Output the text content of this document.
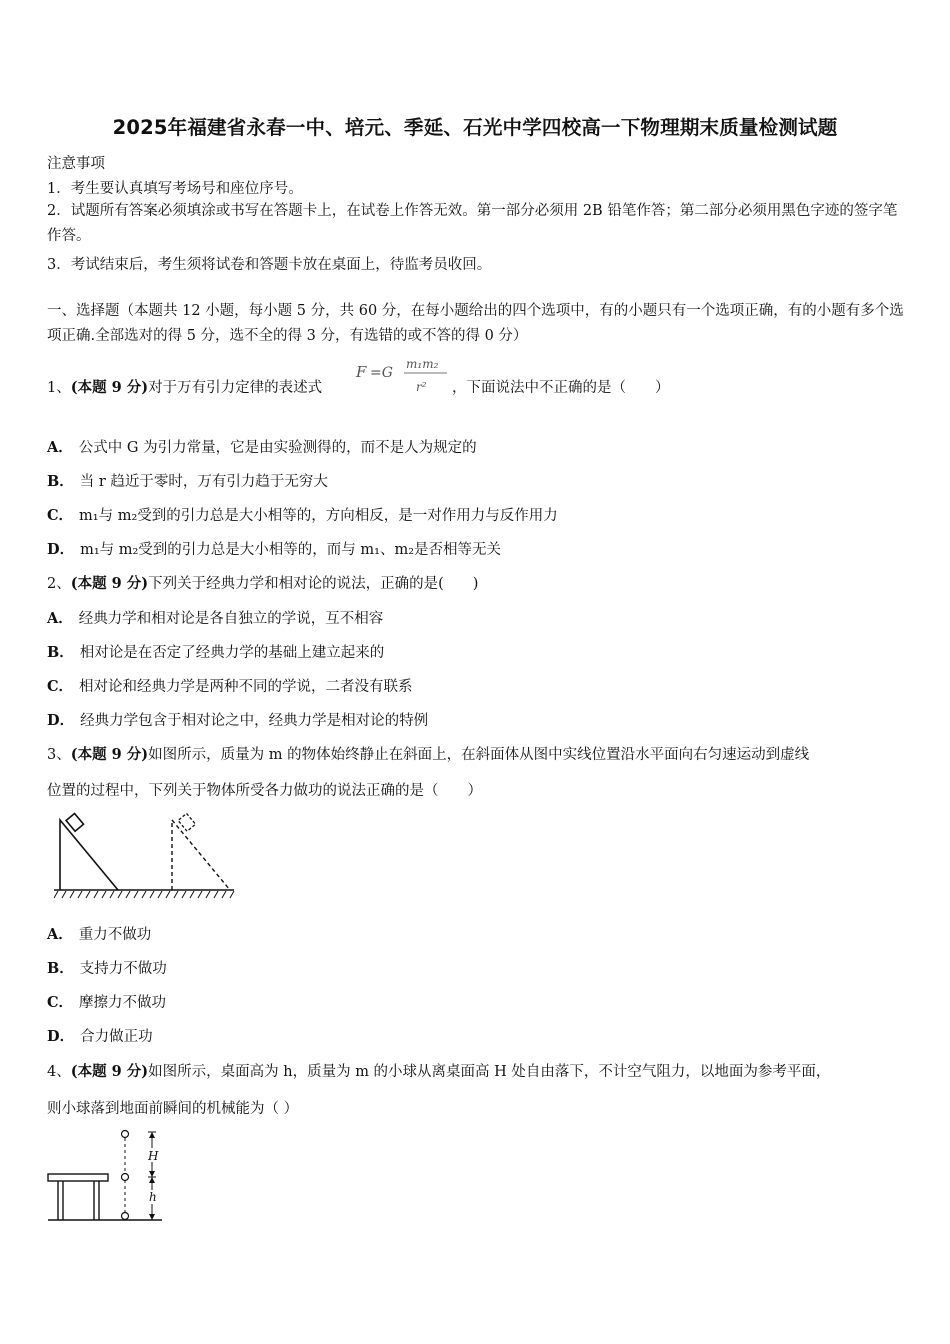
2025年福建省永春一中、培元、季延、石光中学四校高一下物理期末质量检测试题
注意事项
1．考生要认真填写考场号和座位序号。
2．试题所有答案必须填涂或书写在答题卡上，在试卷上作答无效。第一部分必须用 2B 铅笔作答；第二部分必须用黑色字迹的签字笔作答。
3．考试结束后，考生须将试卷和答题卡放在桌面上，待监考员收回。
一、选择题（本题共 12 小题，每小题 5 分，共 60 分，在每小题给出的四个选项中，有的小题只有一个选项正确，有的小题有多个选项正确.全部选对的得 5 分，选不全的得 3 分，有选错的或不答的得 0 分）
1、(本题 9 分)对于万有引力定律的表述式
F =G
m₁m₂
r² ，下面说法中不正确的是（　　）
A． 公式中 G 为引力常量，它是由实验测得的，而不是人为规定的
B． 当 r 趋近于零时，万有引力趋于无穷大
C． m₁与 m₂受到的引力总是大小相等的，方向相反，是一对作用力与反作用力
D． m₁与 m₂受到的引力总是大小相等的，而与 m₁、m₂是否相等无关
2、(本题 9 分)下列关于经典力学和相对论的说法，正确的是(　　)
A． 经典力学和相对论是各自独立的学说，互不相容
B． 相对论是在否定了经典力学的基础上建立起来的
C． 相对论和经典力学是两种不同的学说，二者没有联系
D． 经典力学包含于相对论之中，经典力学是相对论的特例
3、(本题 9 分)如图所示，质量为 m 的物体始终静止在斜面上，在斜面体从图中实线位置沿水平面向右匀速运动到虚线
位置的过程中，下列关于物体所受各力做功的说法正确的是（　　）
A． 重力不做功
B． 支持力不做功
C． 摩擦力不做功
D． 合力做正功
4、(本题 9 分)如图所示，桌面高为 h，质量为 m 的小球从离桌面高 H 处自由落下，不计空气阻力，以地面为参考平面，
则小球落到地面前瞬间的机械能为（ ）
H
h
